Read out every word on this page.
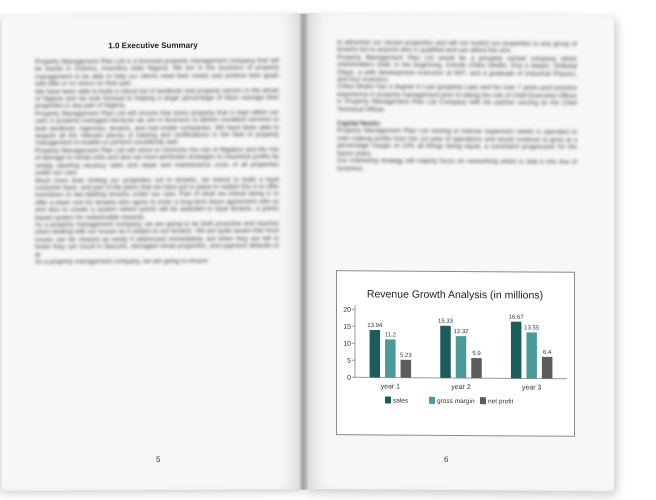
1.0 Executive Summary

Property Management Plan Ltd is a licensed property management company that will be based in Onitsha, Anambra state Nigeria. We are in the business of property management to be able to help our clients meet their needs and achieve their goals with little or no stress on their part.

We have been able to build a robust list of landlords and property owners in the whole of Nigeria and we look forward to helping a larger percentage of them manage their properties in any part of Nigeria.

Property Management Plan Ltd will ensure that every property that is kept within our care is properly managed because we are in business to deliver excellent services to both landlords, Agencies, tenants, and real estate companies. We have been able to acquire all the relevant pieces of training and certifications in the field of property management to enable us perform excellently well.

Property Management Plan Ltd will strive to minimize the risk of litigation and the risk of damage to rental units and also we have perfected strategies to maximize profits by simply slashing vacancy rates and repair and maintenance costs of all properties under our care.

Much more than renting our properties out to tenants, we intend to build a loyal customer base, and part of the plans that we have put in place to realize this is to offer incentives to law-abiding tenants under our care. Part of what we intend doing is to offer a lower rent for tenants who agree to enter a long term lease agreement with us and also to create a system where points will be awarded to loyal tenants, a points based system for redeemable rewards.

As a property management company, we are going to be both proactive and reactive when dealing with our issues as it relates to our tenants. We are quite aware that most issues can be cleared up easily if addressed immediately, but when they are left to fester they can result in lawsuits, damaged rental properties, and payment defaults et al.

As a property management company, we are going to ensure

5

to advertise our vacant properties and will not restrict our properties to any group of tenants but to anyone who is qualified and can afford the rent.

Property Management Plan Ltd would be a privately owned company which shareholders shall, in the beginning, include Chika Okafor, Esq a lawyer, Olabanji Olayo, a web development instructor at NIIT, and a graduate of Industrial Physics, and four investors.

Chika Okafor has a degree in Law (property Law) and his over 7 years post practice experience in property management prior to taking the role of Chief Executive Officer in Property Management Plan Ltd Company with his partner serving as the Chief Technical Officer.

Capital Needs:

Property Management Plan Ltd owning to intense expansion needs is operated to start making profits from the 1st year of operations and would continue to grow at a percentage margin of 10% all things being equal, a consistent progression for the future years.

Our marketing strategy will majorly focus on networking which is vital in this line of business.

Revenue Growth Analysis (in millions)
0
5
10
15
20
13.94
11.2
5.23
year 1
15.33
12.32
5.9
year 2
16.67
13.55
6.4
year 3
sales	gross margin net profit
6
